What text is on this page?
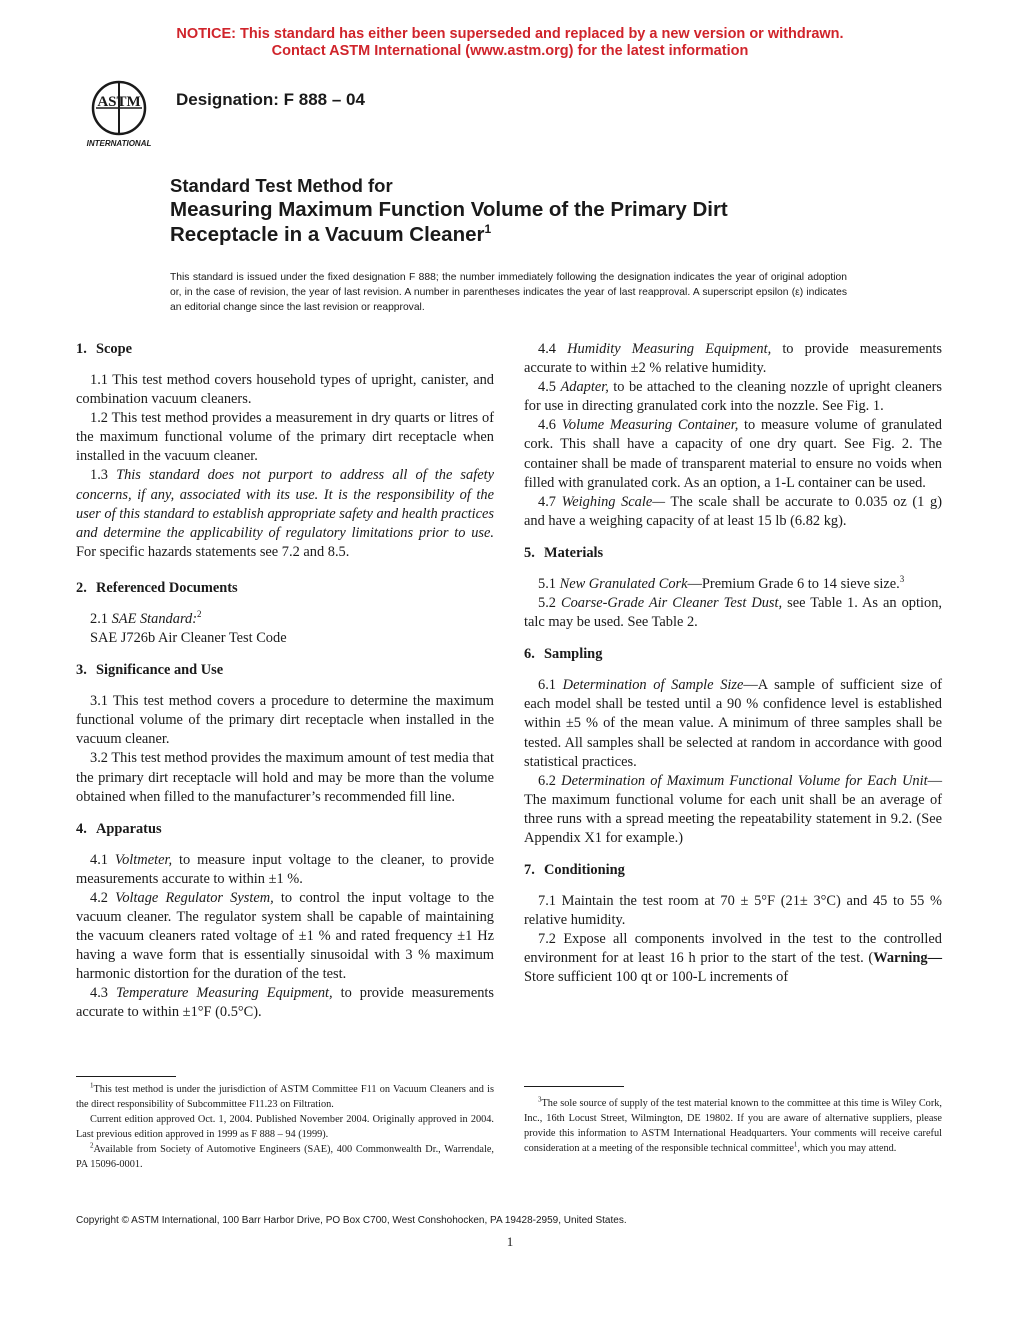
NOTICE: This standard has either been superseded and replaced by a new version or withdrawn.
Contact ASTM International (www.astm.org) for the latest information
ASTM
INTERNATIONAL
Designation: F 888 – 04
Standard Test Method for
Measuring Maximum Function Volume of the Primary Dirt
Receptacle in a Vacuum Cleaner$^1$
This standard is issued under the fixed designation F 888; the number immediately following the designation indicates the year of original adoption or, in the case of revision, the year of last revision. A number in parentheses indicates the year of last reapproval. A superscript epsilon (ε) indicates an editorial change since the last revision or reapproval.
1. Scope

1.1 This test method covers household types of upright, canister, and combination vacuum cleaners.

1.2 This test method provides a measurement in dry quarts or litres of the maximum functional volume of the primary dirt receptacle when installed in the vacuum cleaner.

1.3 This standard does not purport to address all of the safety concerns, if any, associated with its use. It is the responsibility of the user of this standard to establish appropriate safety and health practices and determine the applicability of regulatory limitations prior to use. For specific hazards statements see 7.2 and 8.5.

2. Referenced Documents

2.1 SAE Standard:$^2$

SAE J726b Air Cleaner Test Code

3. Significance and Use

3.1 This test method covers a procedure to determine the maximum functional volume of the primary dirt receptacle when installed in the vacuum cleaner.

3.2 This test method provides the maximum amount of test media that the primary dirt receptacle will hold and may be more than the volume obtained when filled to the manufacturer’s recommended fill line.

4. Apparatus

4.1 Voltmeter, to measure input voltage to the cleaner, to provide measurements accurate to within ±1 %.

4.2 Voltage Regulator System, to control the input voltage to the vacuum cleaner. The regulator system shall be capable of maintaining the vacuum cleaners rated voltage of ±1 % and rated frequency ±1 Hz having a wave form that is essentially sinusoidal with 3 % maximum harmonic distortion for the duration of the test.

4.3 Temperature Measuring Equipment, to provide measurements accurate to within ±1°F (0.5°C).

4.4 Humidity Measuring Equipment, to provide measurements accurate to within ±2 % relative humidity.

4.5 Adapter, to be attached to the cleaning nozzle of upright cleaners for use in directing granulated cork into the nozzle. See Fig. 1.

4.6 Volume Measuring Container, to measure volume of granulated cork. This shall have a capacity of one dry quart. See Fig. 2. The container shall be made of transparent material to ensure no voids when filled with granulated cork. As an option, a 1-L container can be used.

4.7 Weighing Scale— The scale shall be accurate to 0.035 oz (1 g) and have a weighing capacity of at least 15 lb (6.82 kg).

5. Materials

5.1 New Granulated Cork—Premium Grade 6 to 14 sieve size.$^3$

5.2 Coarse-Grade Air Cleaner Test Dust, see Table 1. As an option, talc may be used. See Table 2.

6. Sampling

6.1 Determination of Sample Size—A sample of sufficient size of each model shall be tested until a 90 % confidence level is established within ±5 % of the mean value. A minimum of three samples shall be tested. All samples shall be selected at random in accordance with good statistical practices.

6.2 Determination of Maximum Functional Volume for Each Unit—The maximum functional volume for each unit shall be an average of three runs with a spread meeting the repeatability statement in 9.2. (See Appendix X1 for example.)

7. Conditioning

7.1 Maintain the test room at 70 ± 5°F (21± 3°C) and 45 to 55 % relative humidity.

7.2 Expose all components involved in the test to the controlled environment for at least 16 h prior to the start of the test. (Warning—Store sufficient 100 qt or 100-L increments of

$^1$This test method is under the jurisdiction of ASTM Committee F11 on Vacuum Cleaners and is the direct responsibility of Subcommittee F11.23 on Filtration.

Current edition approved Oct. 1, 2004. Published November 2004. Originally approved in 2004. Last previous edition approved in 1999 as F 888 – 94 (1999).

$^2$Available from Society of Automotive Engineers (SAE), 400 Commonwealth Dr., Warrendale, PA 15096-0001.

$^3$The sole source of supply of the test material known to the committee at this time is Wiley Cork, Inc., 16th Locust Street, Wilmington, DE 19802. If you are aware of alternative suppliers, please provide this information to ASTM International Headquarters. Your comments will receive careful consideration at a meeting of the responsible technical committee$^1$, which you may attend.

Copyright © ASTM International, 100 Barr Harbor Drive, PO Box C700, West Conshohocken, PA 19428-2959, United States.
1
